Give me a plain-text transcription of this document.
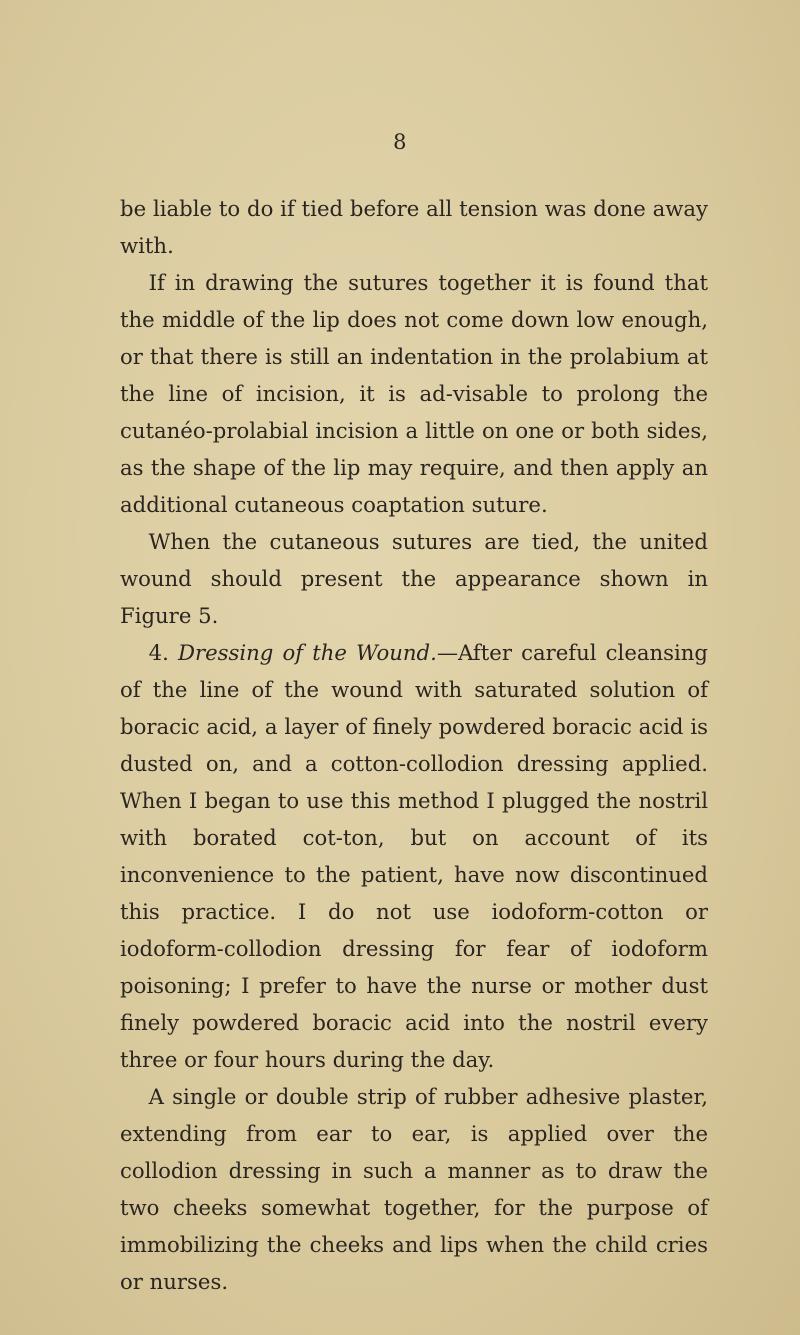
8

be liable to do if tied before all tension was done away with.

If in drawing the sutures together it is found that the middle of the lip does not come down low enough, or that there is still an indentation in the prolabium at the line of incision, it is ad-visable to prolong the cutanéo-prolabial incision a little on one or both sides, as the shape of the lip may require, and then apply an additional cutaneous coaptation suture.

When the cutaneous sutures are tied, the united wound should present the appearance shown in Figure 5.

4. Dressing of the Wound.—After careful cleansing of the line of the wound with saturated solution of boracic acid, a layer of finely powdered boracic acid is dusted on, and a cotton-collodion dressing applied. When I began to use this method I plugged the nostril with borated cot-ton, but on account of its inconvenience to the patient, have now discontinued this practice. I do not use iodoform-cotton or iodoform-collodion dressing for fear of iodoform poisoning; I prefer to have the nurse or mother dust finely powdered boracic acid into the nostril every three or four hours during the day.

A single or double strip of rubber adhesive plaster, extending from ear to ear, is applied over the collodion dressing in such a manner as to draw the two cheeks somewhat together, for the purpose of immobilizing the cheeks and lips when the child cries or nurses.
